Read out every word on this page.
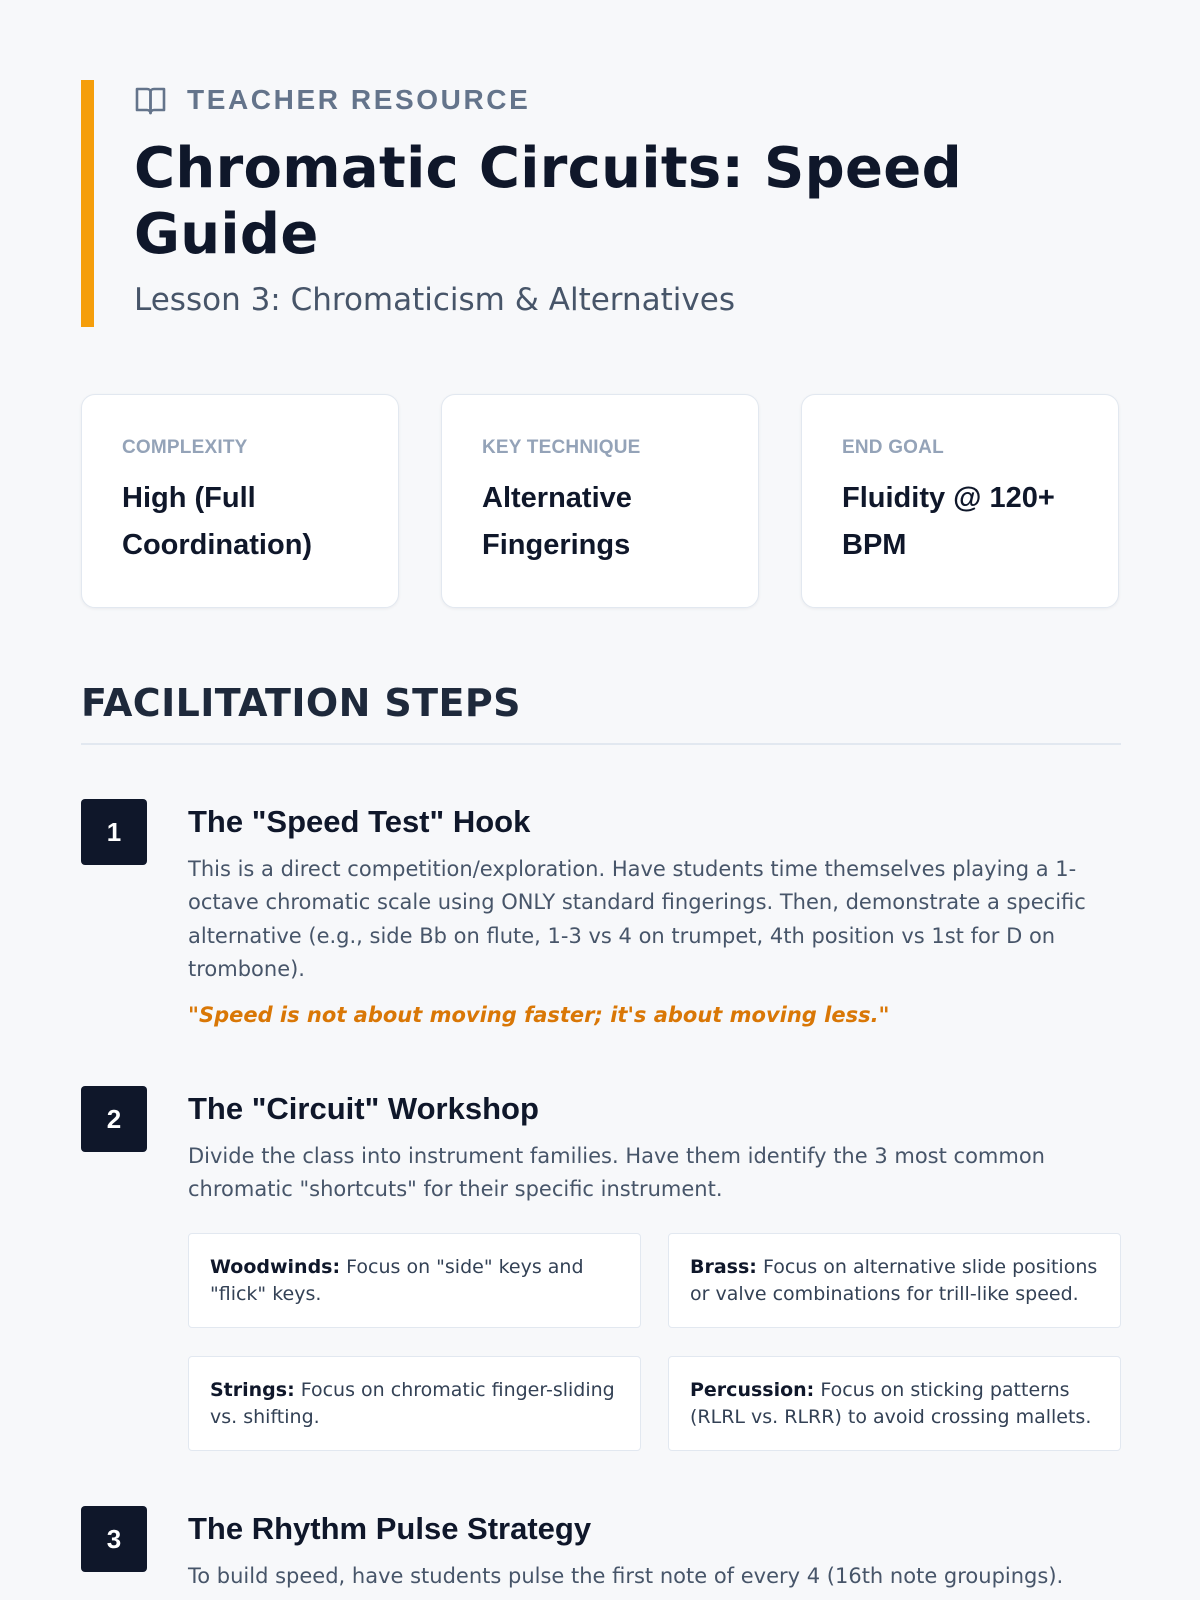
TEACHER RESOURCE
Chromatic Circuits: Speed Guide
Lesson 3: Chromaticism & Alternatives
COMPLEXITY
High (Full Coordination)
KEY TECHNIQUE
Alternative Fingerings
END GOAL
Fluidity @ 120+ BPM
FACILITATION STEPS
1	The "Speed Test" Hook
This is a direct competition/exploration. Have students time themselves playing a 1-octave chromatic scale using ONLY standard fingerings. Then, demonstrate a specific alternative (e.g., side Bb on flute, 1-3 vs 4 on trumpet, 4th position vs 1st for D on trombone).
"Speed is not about moving faster; it's about moving less."
2	The "Circuit" Workshop
Divide the class into instrument families. Have them identify the 3 most common chromatic "shortcuts" for their specific instrument.
Woodwinds: Focus on "side" keys and "flick" keys.
Brass: Focus on alternative slide positions or valve combinations for trill-like speed.
Strings: Focus on chromatic finger-sliding vs. shifting.
Percussion: Focus on sticking patterns (RLRL vs. RLRR) to avoid crossing mallets.
3	The Rhythm Pulse Strategy
To build speed, have students pulse the first note of every 4 (16th note groupings).
